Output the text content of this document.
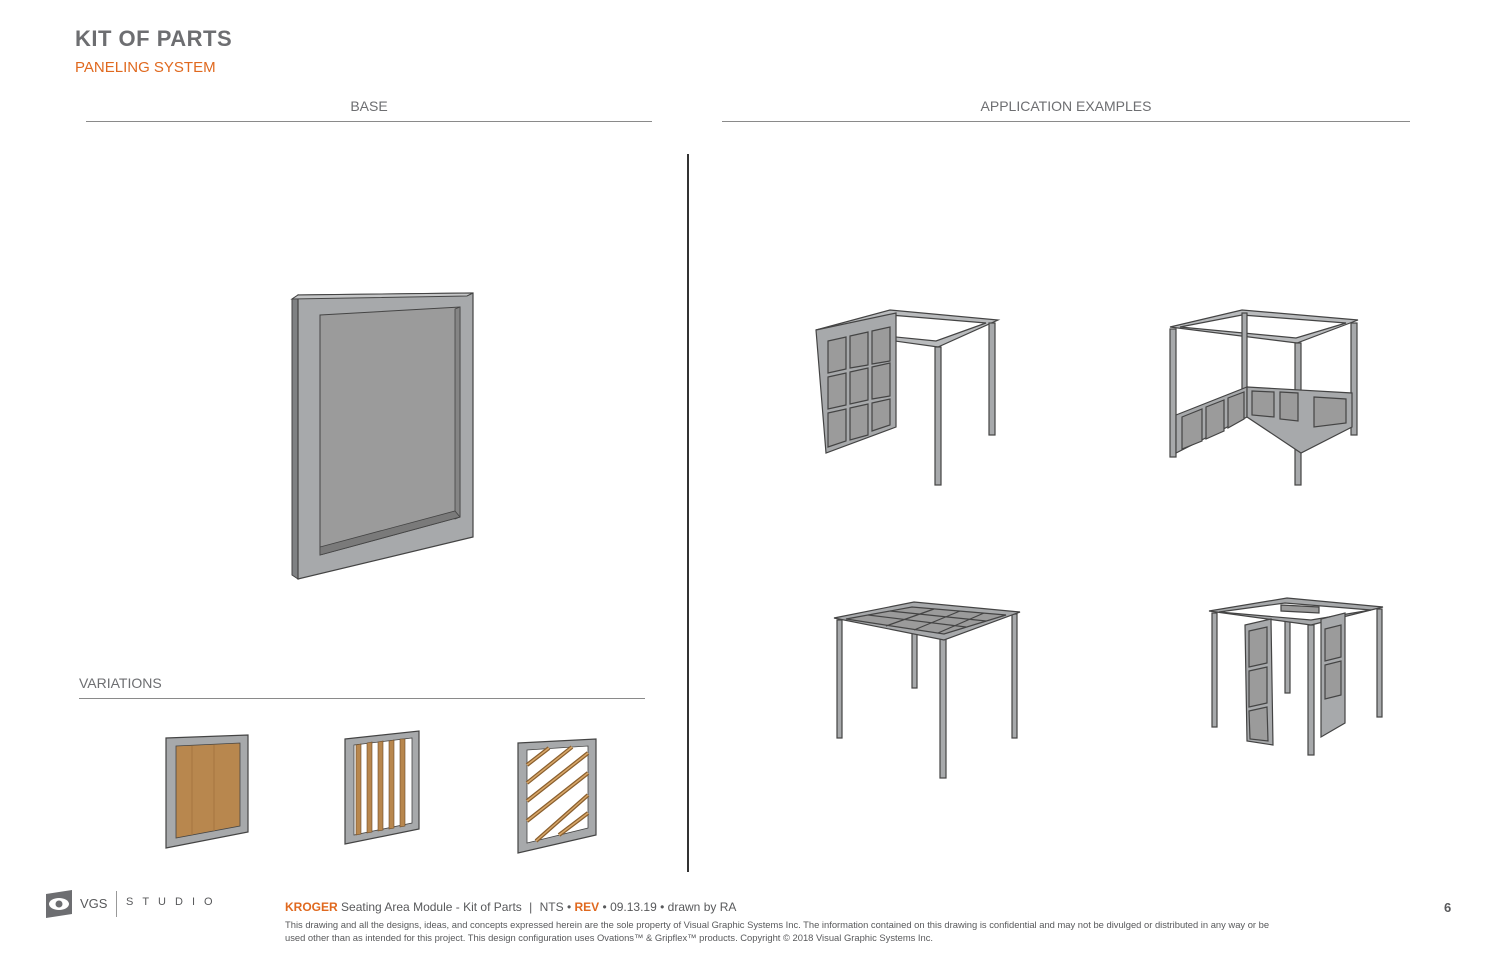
KIT OF PARTS
PANELING SYSTEM
BASE	APPLICATION EXAMPLES
VARIATIONS
VGS STUDIO	KROGER Seating Area Module - Kit of Parts | NTS • REV • 09.13.19 • drawn by RA
This drawing and all the designs, ideas, and concepts expressed herein are the sole property of Visual Graphic Systems Inc. The information contained on this drawing is confidential and may not be divulged or distributed in any way or be used other than as intended for this project. This design configuration uses Ovations™ & Gripflex™ products. Copyright © 2018 Visual Graphic Systems Inc.
6
